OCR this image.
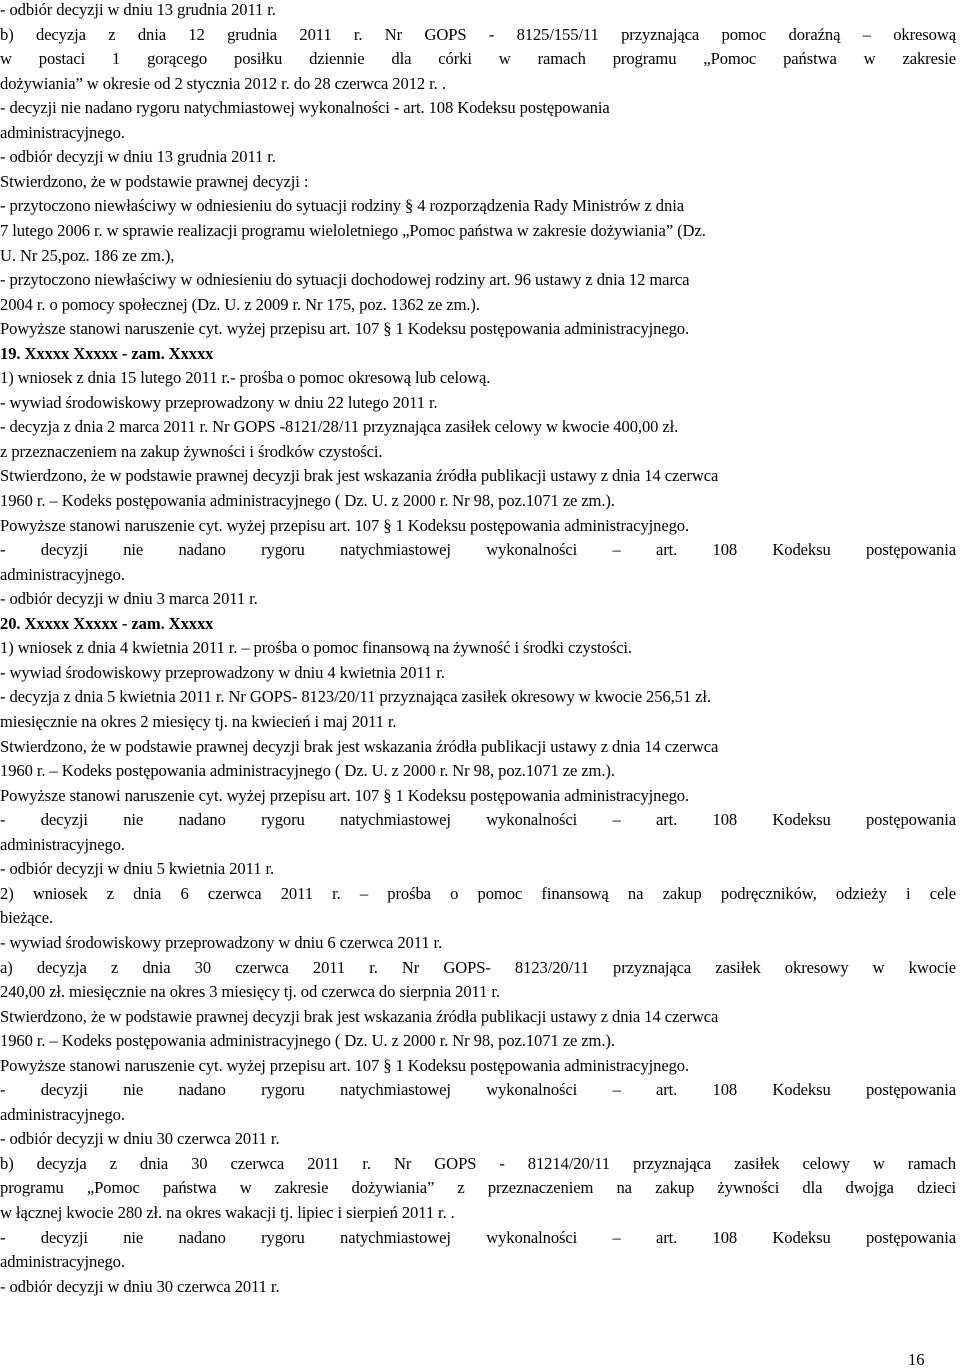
16
- odbiór decyzji w dniu 13 grudnia 2011 r.
b) decyzja z dnia 12 grudnia 2011 r. Nr GOPS - 8125/155/11 przyznająca pomoc doraźną – okresową
w postaci 1 gorącego posiłku dziennie dla córki w ramach programu „Pomoc państwa w zakresie
dożywiania” w okresie od 2 stycznia 2012 r. do 28 czerwca 2012 r. .
- decyzji nie nadano rygoru natychmiastowej wykonalności - art. 108 Kodeksu postępowania
administracyjnego.
- odbiór decyzji w dniu 13 grudnia 2011 r.
Stwierdzono, że w podstawie prawnej decyzji :
- przytoczono niewłaściwy w odniesieniu do sytuacji rodziny § 4 rozporządzenia Rady Ministrów z dnia
7 lutego 2006 r. w sprawie realizacji programu wieloletniego „Pomoc państwa w zakresie dożywiania” (Dz.
U. Nr 25,poz. 186 ze zm.),
- przytoczono niewłaściwy w odniesieniu do sytuacji dochodowej rodziny art. 96 ustawy z dnia 12 marca
2004 r. o pomocy społecznej (Dz. U. z 2009 r. Nr 175, poz. 1362 ze zm.).
Powyższe stanowi naruszenie cyt. wyżej przepisu art. 107 § 1 Kodeksu postępowania administracyjnego.
19. Xxxxx Xxxxx - zam. Xxxxx
1) wniosek z dnia 15 lutego 2011 r.- prośba o pomoc okresową lub celową.
- wywiad środowiskowy przeprowadzony w dniu 22 lutego 2011 r.
- decyzja z dnia 2 marca 2011 r. Nr GOPS -8121/28/11 przyznająca zasiłek celowy w kwocie 400,00 zł.
z przeznaczeniem na zakup żywności i środków czystości.
Stwierdzono, że w podstawie prawnej decyzji brak jest wskazania źródła publikacji ustawy z dnia 14 czerwca
1960 r. – Kodeks postępowania administracyjnego ( Dz. U. z 2000 r. Nr 98, poz.1071 ze zm.).
Powyższe stanowi naruszenie cyt. wyżej przepisu art. 107 § 1 Kodeksu postępowania administracyjnego.
- decyzji nie nadano rygoru natychmiastowej wykonalności – art. 108 Kodeksu postępowania
administracyjnego.
- odbiór decyzji w dniu 3 marca 2011 r.
20. Xxxxx Xxxxx - zam. Xxxxx
1) wniosek z dnia 4 kwietnia 2011 r. – prośba o pomoc finansową na żywność i środki czystości.
- wywiad środowiskowy przeprowadzony w dniu 4 kwietnia 2011 r.
- decyzja z dnia 5 kwietnia 2011 r. Nr GOPS- 8123/20/11 przyznająca zasiłek okresowy w kwocie 256,51 zł.
miesięcznie na okres 2 miesięcy tj. na kwiecień i maj 2011 r.
Stwierdzono, że w podstawie prawnej decyzji brak jest wskazania źródła publikacji ustawy z dnia 14 czerwca
1960 r. – Kodeks postępowania administracyjnego ( Dz. U. z 2000 r. Nr 98, poz.1071 ze zm.).
Powyższe stanowi naruszenie cyt. wyżej przepisu art. 107 § 1 Kodeksu postępowania administracyjnego.
- decyzji nie nadano rygoru natychmiastowej wykonalności – art. 108 Kodeksu postępowania
administracyjnego.
- odbiór decyzji w dniu 5 kwietnia 2011 r.
2) wniosek z dnia 6 czerwca 2011 r. – prośba o pomoc finansową na zakup podręczników, odzieży i cele
bieżące.
- wywiad środowiskowy przeprowadzony w dniu 6 czerwca 2011 r.
a) decyzja z dnia 30 czerwca 2011 r. Nr GOPS- 8123/20/11 przyznająca zasiłek okresowy w kwocie
240,00 zł. miesięcznie na okres 3 miesięcy tj. od czerwca do sierpnia 2011 r.
Stwierdzono, że w podstawie prawnej decyzji brak jest wskazania źródła publikacji ustawy z dnia 14 czerwca
1960 r. – Kodeks postępowania administracyjnego ( Dz. U. z 2000 r. Nr 98, poz.1071 ze zm.).
Powyższe stanowi naruszenie cyt. wyżej przepisu art. 107 § 1 Kodeksu postępowania administracyjnego.
- decyzji nie nadano rygoru natychmiastowej wykonalności – art. 108 Kodeksu postępowania
administracyjnego.
- odbiór decyzji w dniu 30 czerwca 2011 r.
b) decyzja z dnia 30 czerwca 2011 r. Nr GOPS - 81214/20/11 przyznająca zasiłek celowy w ramach
programu „Pomoc państwa w zakresie dożywiania” z przeznaczeniem na zakup żywności dla dwojga dzieci
w łącznej kwocie 280 zł. na okres wakacji tj. lipiec i sierpień 2011 r. .
- decyzji nie nadano rygoru natychmiastowej wykonalności – art. 108 Kodeksu postępowania
administracyjnego.
- odbiór decyzji w dniu 30 czerwca 2011 r.
